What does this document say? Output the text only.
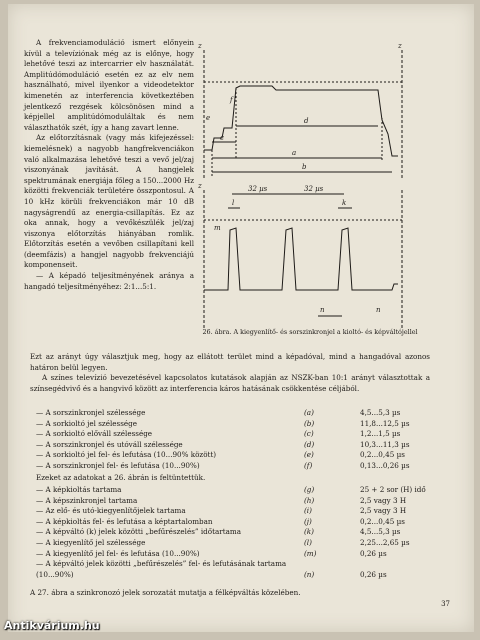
A frekvenciamoduláció ismert előnyein kívül a televíziónak még az is előnye, hogy lehetővé teszi az intercarrier elv használatát. Amplitúdómoduláció esetén ez az elv nem használható, mivel ilyenkor a videodetektor kimenetén az interferencia következtében jelentkező rezgések kölcsönösen mind a képjellel amplitúdómoduláltak és nem választhatók szét, így a hang zavart lenne.

Az előtorzításnak (vagy más kifejezéssel: kiemelésnek) a nagyobb hangfrekvenciákon való alkalmazása lehetővé teszi a vevő jel/zaj viszonyának javítását. A hangjelek spektrumának energiája főleg a 150...2000 Hz közötti frekvenciák területére összpontosul. A 10 kHz körüli frekvenciákon már 10 dB nagyságrendű az energia-csillapítás. Ez az oka annak, hogy a vevőkészülék jel/zaj viszonya előtorzítás hiányában romlik. Előtorzítás esetén a vevőben csillapítani kell (deemfázis) a hangjel nagyobb frekvenciájú komponenseit.

— A képadó teljesítményének aránya a hangadó teljesítményéhez: 2:1...5:1.

z	z
c
e
f
d
a
b
z	32 µs	32 µs
l
m
k
n	n
26. ábra. A kiegyenlítő- és sorszinkronjel a kioltó- és képváltójellel

Ezt az arányt úgy választjuk meg, hogy az ellátott terület mind a képadóval, mind a hangadóval azonos határon belül legyen.

A színes televízió bevezetésével kapcsolatos kutatások alapján az NSZK-ban 10:1 arányt választottak a színsegédvivő és a hangvivő között az interferencia káros hatásának csökkentése céljából.

— A sorszinkronjel szélessége	(a)	4,5...5,3 µs
— A sorkioltó jel szélessége	(b)	11,8...12,5 µs
— A sorkioltó előváll szélessége	(c)	1,2...1,5 µs
— A sorszinkronjel és utóváll szélessége	(d)	10,3...11,3 µs
— A sorkioltó jel fel- és lefutása (10...90% között)	(e)	0,2...0,45 µs
— A sorszinkronjel fel- és lefutása (10...90%)	(f)	0,13...0,26 µs
Ezeket az adatokat a 26. ábrán is feltüntettük.
— A képkioltás tartama	(g)	25 + 2 sor (H) idő
— A képszinkronjel tartama	(h)	2,5 vagy 3 H
— Az elő- és utó-kiegyenlítőjelek tartama	(i)	2,5 vagy 3 H
— A képkioltás fel- és lefutása a képtartalomban	(j)	0,2...0,45 µs
— A képváltó (k) jelek közötti „befűrészelés” időtartama	(k)	4,5...5,3 µs
— A kiegyenlítő jel szélessége	(l)	2,25...2,65 µs
— A kiegyenlítő jel fel- és lefutása (10...90%)	(m)	0,26 µs
— A képváltó jelek közötti „befűrészelés” fel- és lefutásának tartama (10...90%)	(n)	0,26 µs
A 27. ábra a szinkronozó jelek sorozatát mutatja a félképváltás közelében.
37
Antikvárium.hu
